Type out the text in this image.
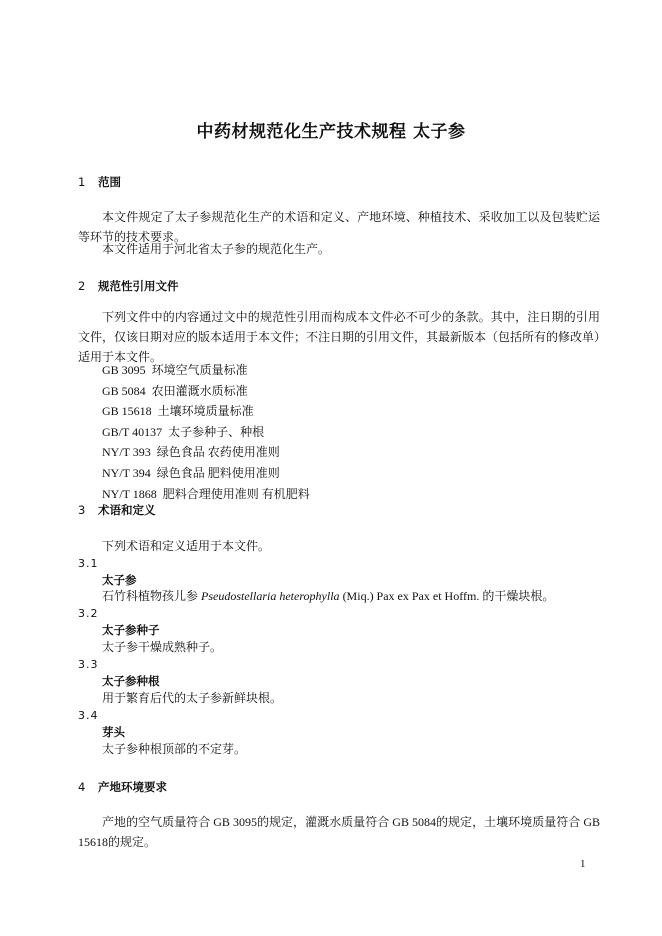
中药材规范化生产技术规程 太子参
1 范围
本文件规定了太子参规范化生产的术语和定义、产地环境、种植技术、采收加工以及包装贮运等环节的技术要求。
本文件适用于河北省太子参的规范化生产。
2 规范性引用文件
下列文件中的内容通过文中的规范性引用而构成本文件必不可少的条款。其中，注日期的引用文件，仅该日期对应的版本适用于本文件；不注日期的引用文件，其最新版本（包括所有的修改单）适用于本文件。
GB 3095 环境空气质量标准
GB 5084 农田灌溉水质标准
GB 15618 土壤环境质量标准
GB/T 40137 太子参种子、种根
NY/T 393 绿色食品 农药使用准则
NY/T 394 绿色食品 肥料使用准则
NY/T 1868 肥料合理使用准则 有机肥料
3 术语和定义
下列术语和定义适用于本文件。
3.1
太子参
石竹科植物孩儿参 Pseudostellaria heterophylla (Miq.) Pax ex Pax et Hoffm. 的干燥块根。
3.2
太子参种子
太子参干燥成熟种子。
3.3
太子参种根
用于繁育后代的太子参新鲜块根。
3.4
芽头
太子参种根顶部的不定芽。
4 产地环境要求
产地的空气质量符合 GB 3095的规定，灌溉水质量符合 GB 5084的规定，土壤环境质量符合 GB 15618的规定。
1
